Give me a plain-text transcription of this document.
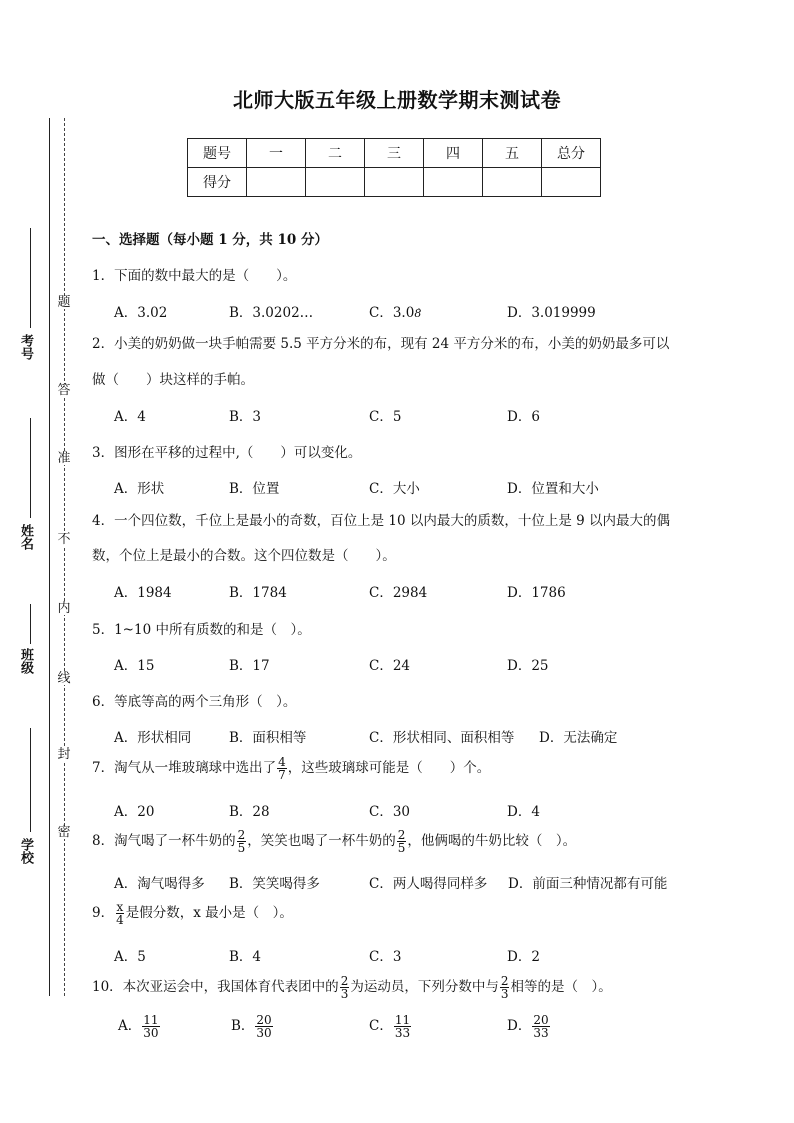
北师大版五年级上册数学期末测试卷
题号	一	二	三	四	五	总分
得分						
考号
姓名
班级
学校
题
答
准
不
内
线
封
密
一、选择题（每小题 1 分，共 10 分）
1．下面的数中最大的是（　　）。
A．3.02	B．3.0202…	C．3.08̇	D．3.019999
2．小美的奶奶做一块手帕需要 5.5 平方分米的布，现有 24 平方分米的布，小美的奶奶最多可以
做（　　）块这样的手帕。
A．4	B．3	C．5	D．6
3．图形在平移的过程中,（　　）可以变化。
A．形状	B．位置	C．大小	D．位置和大小
4．一个四位数，千位上是最小的奇数，百位上是 10 以内最大的质数，十位上是 9 以内最大的偶
数，个位上是最小的合数。这个四位数是（　　）。
A．1984	B．1784	C．2984	D．1786
5．1~10 中所有质数的和是（　）。
A．15	B．17	C．24	D．25
6．等底等高的两个三角形（　）。
A．形状相同	B．面积相等	C．形状相同、面积相等 D．无法确定
7．淘气从一堆玻璃球中选出了 $\frac{4}{7}$ ，这些玻璃球可能是（　　）个。
A．20	B．28	C．30	D．4
8．淘气喝了一杯牛奶的 $\frac{2}{5}$ ，笑笑也喝了一杯牛奶的 $\frac{2}{5}$ ，他俩喝的牛奶比较（　）。
A．淘气喝得多 B．笑笑喝得多	C．两人喝得同样多 D．前面三种情况都有可能
9． $\frac{x}{4}$ 是假分数，x 最小是（　）。
A．5	B．4	C．3	D．2
10．本次亚运会中，我国体育代表团中的 $\frac{2}{3}$ 为运动员，下列分数中与 $\frac{2}{3}$ 相等的是（　）。
A． $\frac{11}{30}$	B． $\frac{20}{30}$	C． $\frac{11}{33}$	D． $\frac{20}{33}$
